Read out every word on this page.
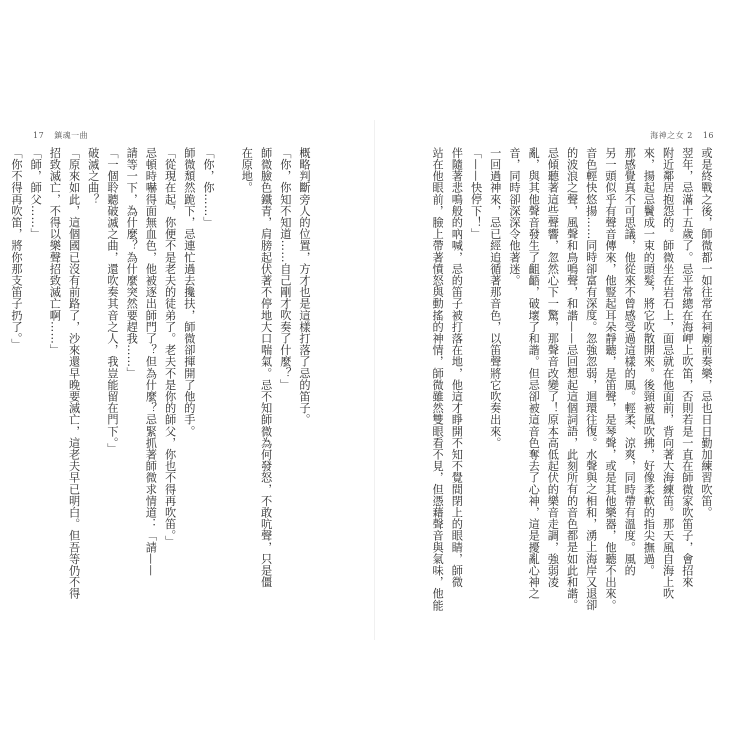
17 鎮魂一曲	海神之女 2 16

或是終戰之後，師微都一如往常在祠廟前奏樂，忌也日日勤加練習吹笛。

翌年，忌滿十五歲了。忌平常總在海岬上吹笛，否則若是一直在師微家吹笛子，會招來

附近鄰居抱怨的。師微坐在岩石上，面忌就在他面前，背向著大海練笛。那天風自海上吹

來，揚起忌鬢成一束的頭髮，將它吹散開來。後頸被風吹拂，好像柔軟的指尖撫過。

那感覺真不可思議，他從來不曾感受過這樣的風。輕柔、涼爽，同時帶有溫度。風的

另一頭似乎有聲音傳來，他豎起耳朵靜聽，是笛聲，是琴聲，或是其他樂器，他聽不出來。

音色輕快悠揚……同時卻富有深度。忽強忽弱，迴環往復。水聲與之相和，湧上海岸又退卻

的波浪之聲，風聲和鳥鳴聲，和諧——忌回想起這個詞語，此刻所有的音色都是如此和諧。

忌傾聽著這些聲響，忽然心下一驚，那聲音改變了！原本高低起伏的樂音走調，強弱凌

亂，與其他聲音發生了齟齬，破壞了和諧。但忌卻被這音色奪去了心神，這是擾亂心神之

音，同時卻深深令他著迷。

一回過神來，忌已經追循著那音色，以笛聲將它吹奏出來。

「——快停下！」

伴隨著悲鳴般的吶喊，忌的笛子被打落在地，他這才睜開不知不覺間閉上的眼睛，師微

站在他眼前，臉上帶著憤怒與動搖的神情，師微雖然雙眼看不見，但憑藉聲音與氣味，他能

概略判斷旁人的位置，方才也是這樣打落了忌的笛子。

「你，你知不知道……自己剛才吹奏了什麼？」

師微臉色鐵青，肩膀起伏著不停地大口喘氣。忌不知師微為何發怒，不敢吭聲，只是僵

在原地。

「你，你……」

師微頹然跪下，忌連忙過去攙扶，師微卻揮開了他的手。

「從現在起，你便不是老夫的徒弟了。老夫不是你的師父，你也不得再吹笛。」

忌頓時嚇得面無血色，他被逐出師門了？但為什麼？忌緊抓著師微求情道：「請——

請等一下，為什麼？為什麼突然要趕我……」

「一個聆聽破滅之曲，還吹奏其音之人，我豈能留在門下。」

破滅之曲？

「原來如此，這個國已沒有前路了，沙來還早晚要滅亡，這老夫早已明白。但吾等仍不得

招致滅亡，不得以樂聲招致滅亡啊……」

「師，師父……」

「你不得再吹笛，將你那支笛子扔了。」
